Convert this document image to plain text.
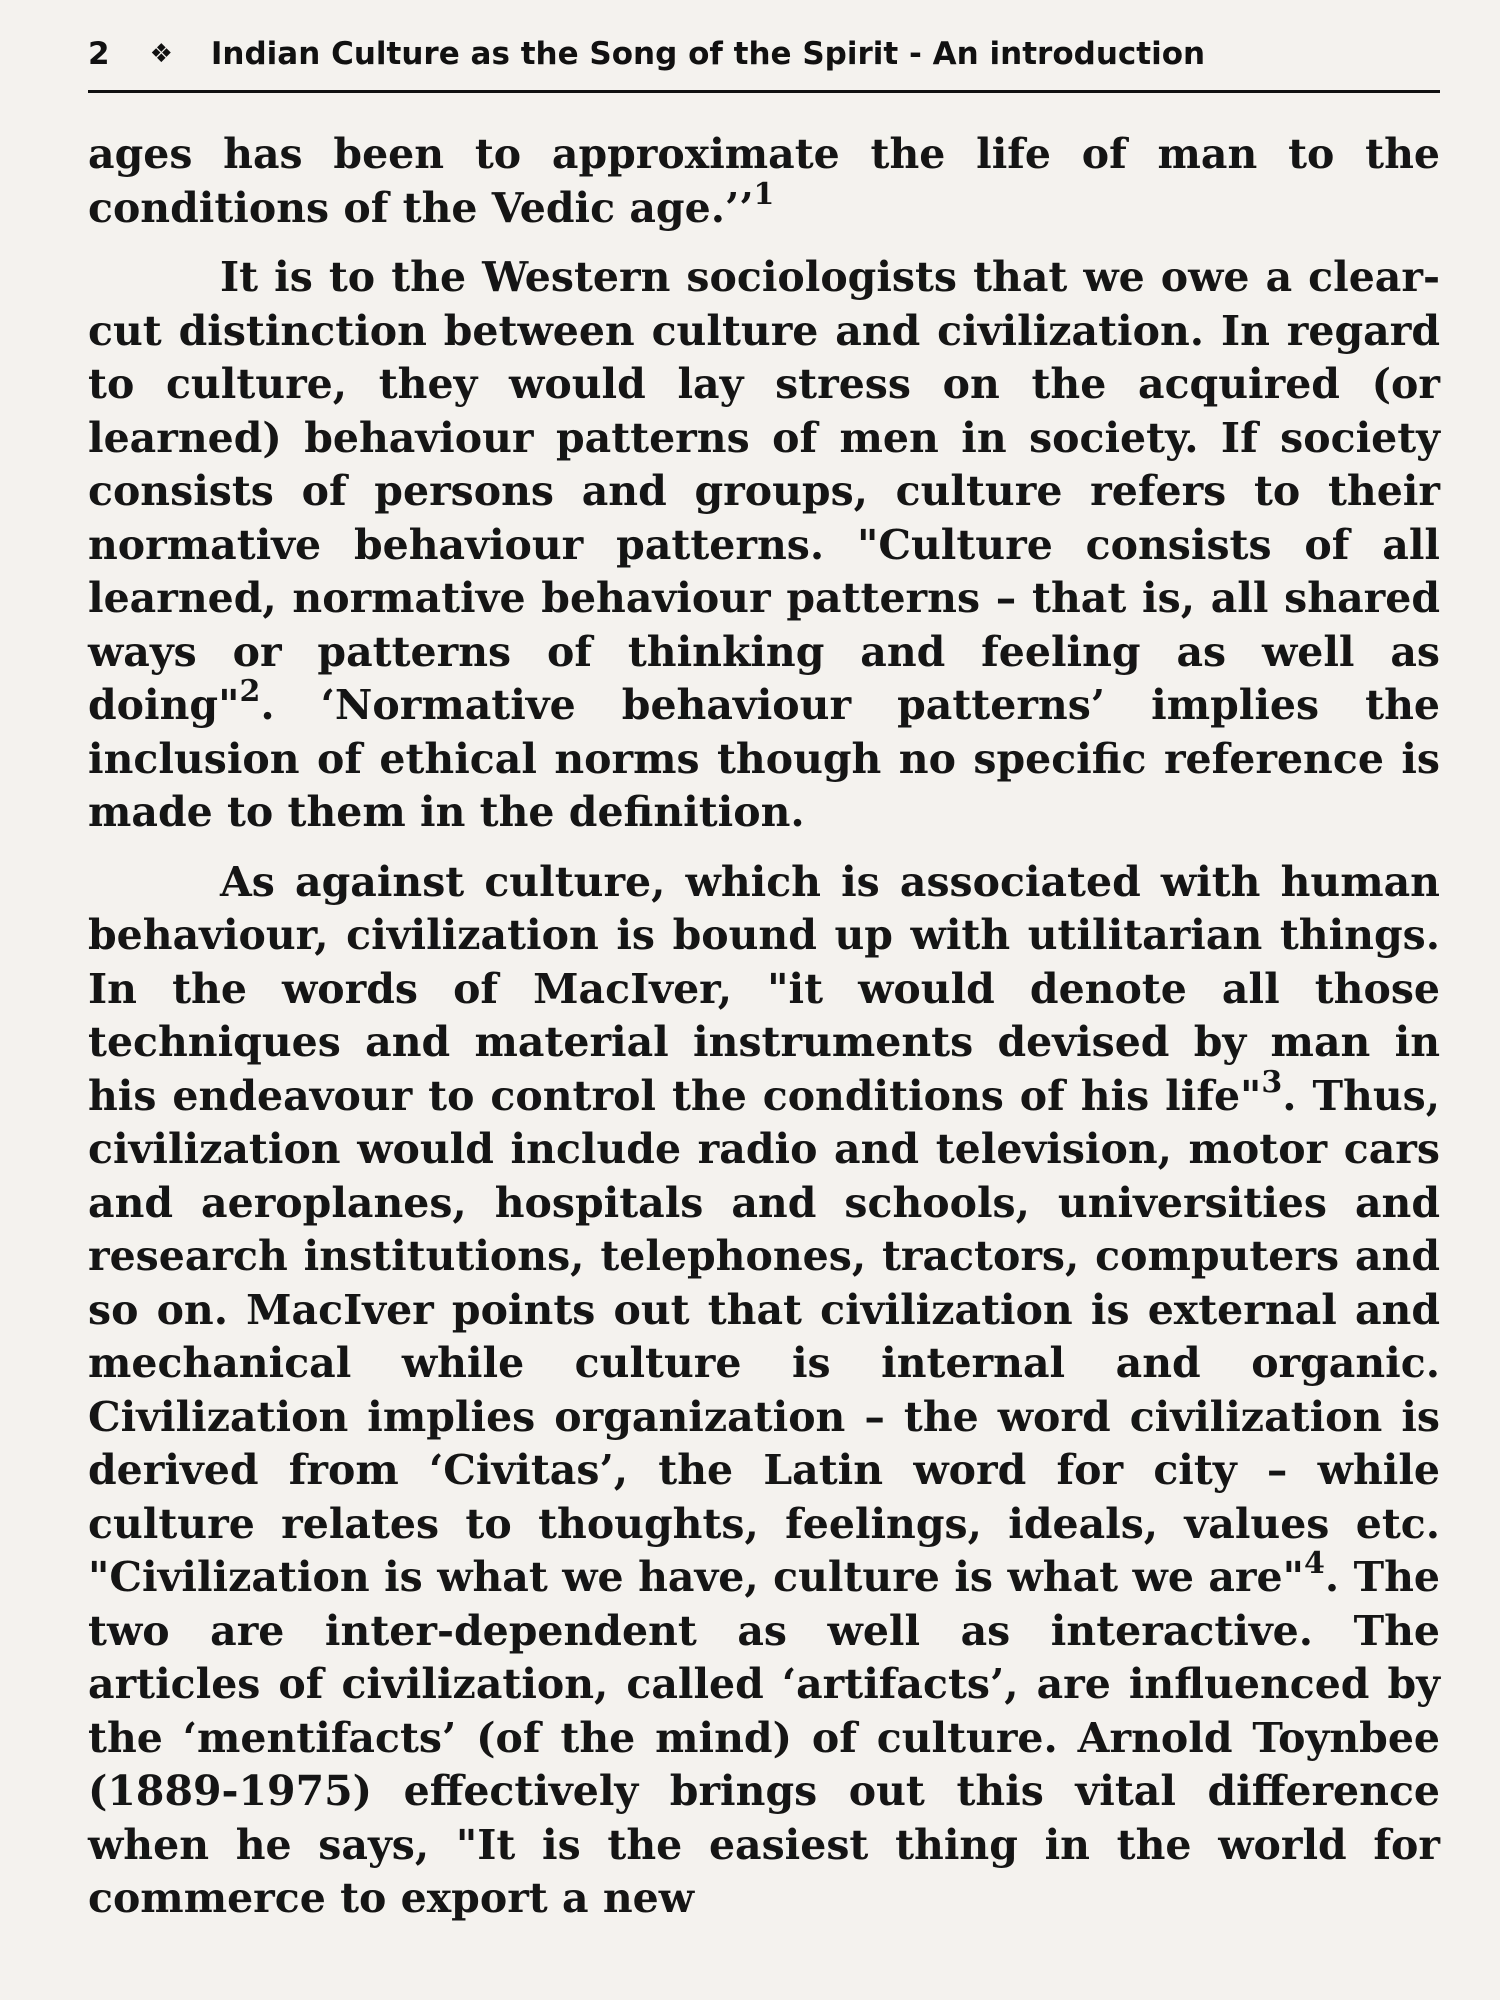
2 ❖ Indian Culture as the Song of the Spirit - An introduction

ages has been to approximate the life of man to the conditions of the Vedic age.’’$^1$

It is to the Western sociologists that we owe a clear-cut distinction between culture and civilization. In regard to culture, they would lay stress on the acquired (or learned) behaviour patterns of men in society. If society consists of persons and groups, culture refers to their normative behaviour patterns. "Culture consists of all learned, normative behaviour patterns – that is, all shared ways or patterns of thinking and feeling as well as doing"$^2$. ‘Normative behaviour patterns’ implies the inclusion of ethical norms though no specific reference is made to them in the definition.

As against culture, which is associated with human behaviour, civilization is bound up with utilitarian things. In the words of MacIver, "it would denote all those techniques and material instruments devised by man in his endeavour to control the conditions of his life"$^3$. Thus, civilization would include radio and television, motor cars and aeroplanes, hospitals and schools, universities and research institutions, telephones, tractors, computers and so on. MacIver points out that civilization is external and mechanical while culture is internal and organic. Civilization implies organization – the word civilization is derived from ‘Civitas’, the Latin word for city – while culture relates to thoughts, feelings, ideals, values etc. "Civilization is what we have, culture is what we are"$^4$. The two are inter-dependent as well as interactive. The articles of civilization, called ‘artifacts’, are influenced by the ‘mentifacts’ (of the mind) of culture. Arnold Toynbee (1889-1975) effectively brings out this vital difference when he says, "It is the easiest thing in the world for commerce to export a new
